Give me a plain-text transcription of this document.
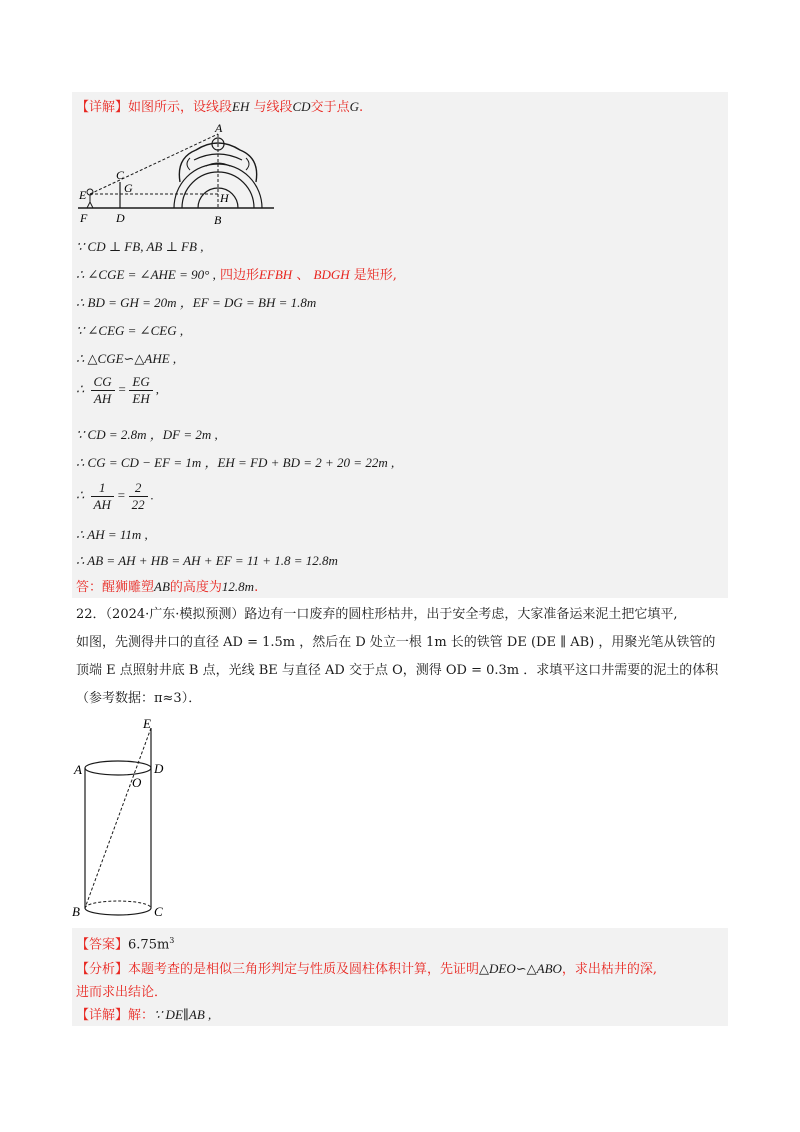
【详解】如图所示，设线段EH 与线段CD交于点G.
A
C
G
E
F D	B
H
∵ CD ⊥ FB, AB ⊥ FB ,
∴ ∠CGE = ∠AHE = 90° , 四边形EFBH 、 BDGH 是矩形,
∴ BD = GH = 20m ，EF = DG = BH = 1.8m
∵ ∠CEG = ∠CEG ,
∴ △CGE∽△AHE ,
∴ $\frac{CG}{AH} = \frac{EG}{EH}$ ,
∵ CD = 2.8m ，DF = 2m ,
∴ CG = CD − EF = 1m ，EH = FD + BD = 2 + 20 = 22m ,
∴ $\frac{1}{AH} = \frac{2}{22}$ .
∴ AH = 11m ,
∴ AB = AH + HB = AH + EF = 11 + 1.8 = 12.8m
答：醒狮雕塑AB的高度为12.8m.
22．（2024·广东·模拟预测）路边有一口废弃的圆柱形枯井，出于安全考虑，大家准备运来泥土把它填平,
如图，先测得井口的直径 AD = 1.5m ，然后在 D 处立一根 1m 长的铁管 DE (DE ∥ AB) ，用聚光笔从铁管的
顶端 E 点照射井底 B 点，光线 BE 与直径 AD 交于点 O，测得 OD = 0.3m ．求填平这口井需要的泥土的体积
（参考数据：π≈3）．
E
A	D
O
B	C
【答案】$6.75m^3$
【分析】本题考查的是相似三角形判定与性质及圆柱体积计算，先证明△DEO∽△ABO，求出枯井的深,
进而求出结论．
【详解】解：∵ DE∥AB ,
